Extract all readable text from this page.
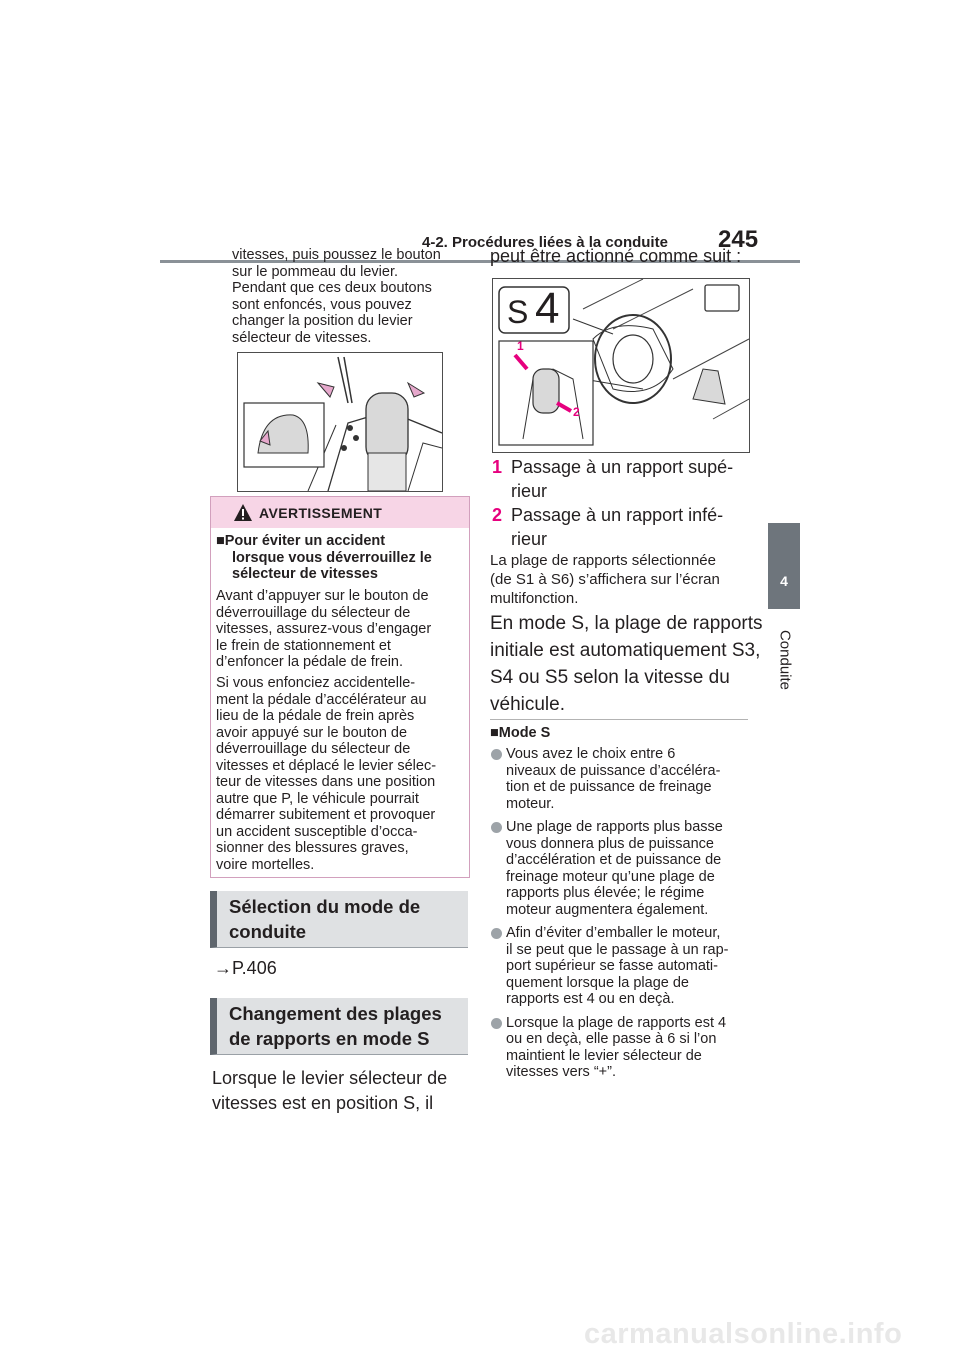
4-2. Procédures liées à la conduite 245
4
Conduite
vitesses, puis poussez le bouton
sur le pommeau du levier.
Pendant que ces deux boutons
sont enfoncés, vous pouvez
changer la position du levier
sélecteur de vitesses.
AVERTISSEMENT
■Pour éviter un accident
lorsque vous déverrouillez le
sélecteur de vitesses
Avant d’appuyer sur le bouton de
déverrouillage du sélecteur de
vitesses, assurez-vous d’engager
le frein de stationnement et
d’enfoncer la pédale de frein.
Si vous enfonciez accidentelle-
ment la pédale d’accélérateur au
lieu de la pédale de frein après
avoir appuyé sur le bouton de
déverrouillage du sélecteur de
vitesses et déplacé le levier sélec-
teur de vitesses dans une position
autre que P, le véhicule pourrait
démarrer subitement et provoquer
un accident susceptible d’occa-
sionner des blessures graves,
voire mortelles.
Sélection du mode de
conduite
→P.406
Changement des plages
de rapports en mode S
Lorsque le levier sélecteur de
vitesses est en position S, il
peut être actionné comme suit :
S 4
1
2
1 Passage à un rapport supé-
rieur
2 Passage à un rapport infé-
rieur
La plage de rapports sélectionnée
(de S1 à S6) s’affichera sur l’écran
multifonction.
En mode S, la plage de rapports
initiale est automatiquement S3,
S4 ou S5 selon la vitesse du
véhicule.
■Mode S
Vous avez le choix entre 6
niveaux de puissance d’accéléra-
tion et de puissance de freinage
moteur.
Une plage de rapports plus basse
vous donnera plus de puissance
d’accélération et de puissance de
freinage moteur qu’une plage de
rapports plus élevée; le régime
moteur augmentera également.
Afin d’éviter d’emballer le moteur,
il se peut que le passage à un rap-
port supérieur se fasse automati-
quement lorsque la plage de
rapports est 4 ou en deçà.
Lorsque la plage de rapports est 4
ou en deçà, elle passe à 6 si l’on
maintient le levier sélecteur de
vitesses vers “+”.
carmanualsonline.info
